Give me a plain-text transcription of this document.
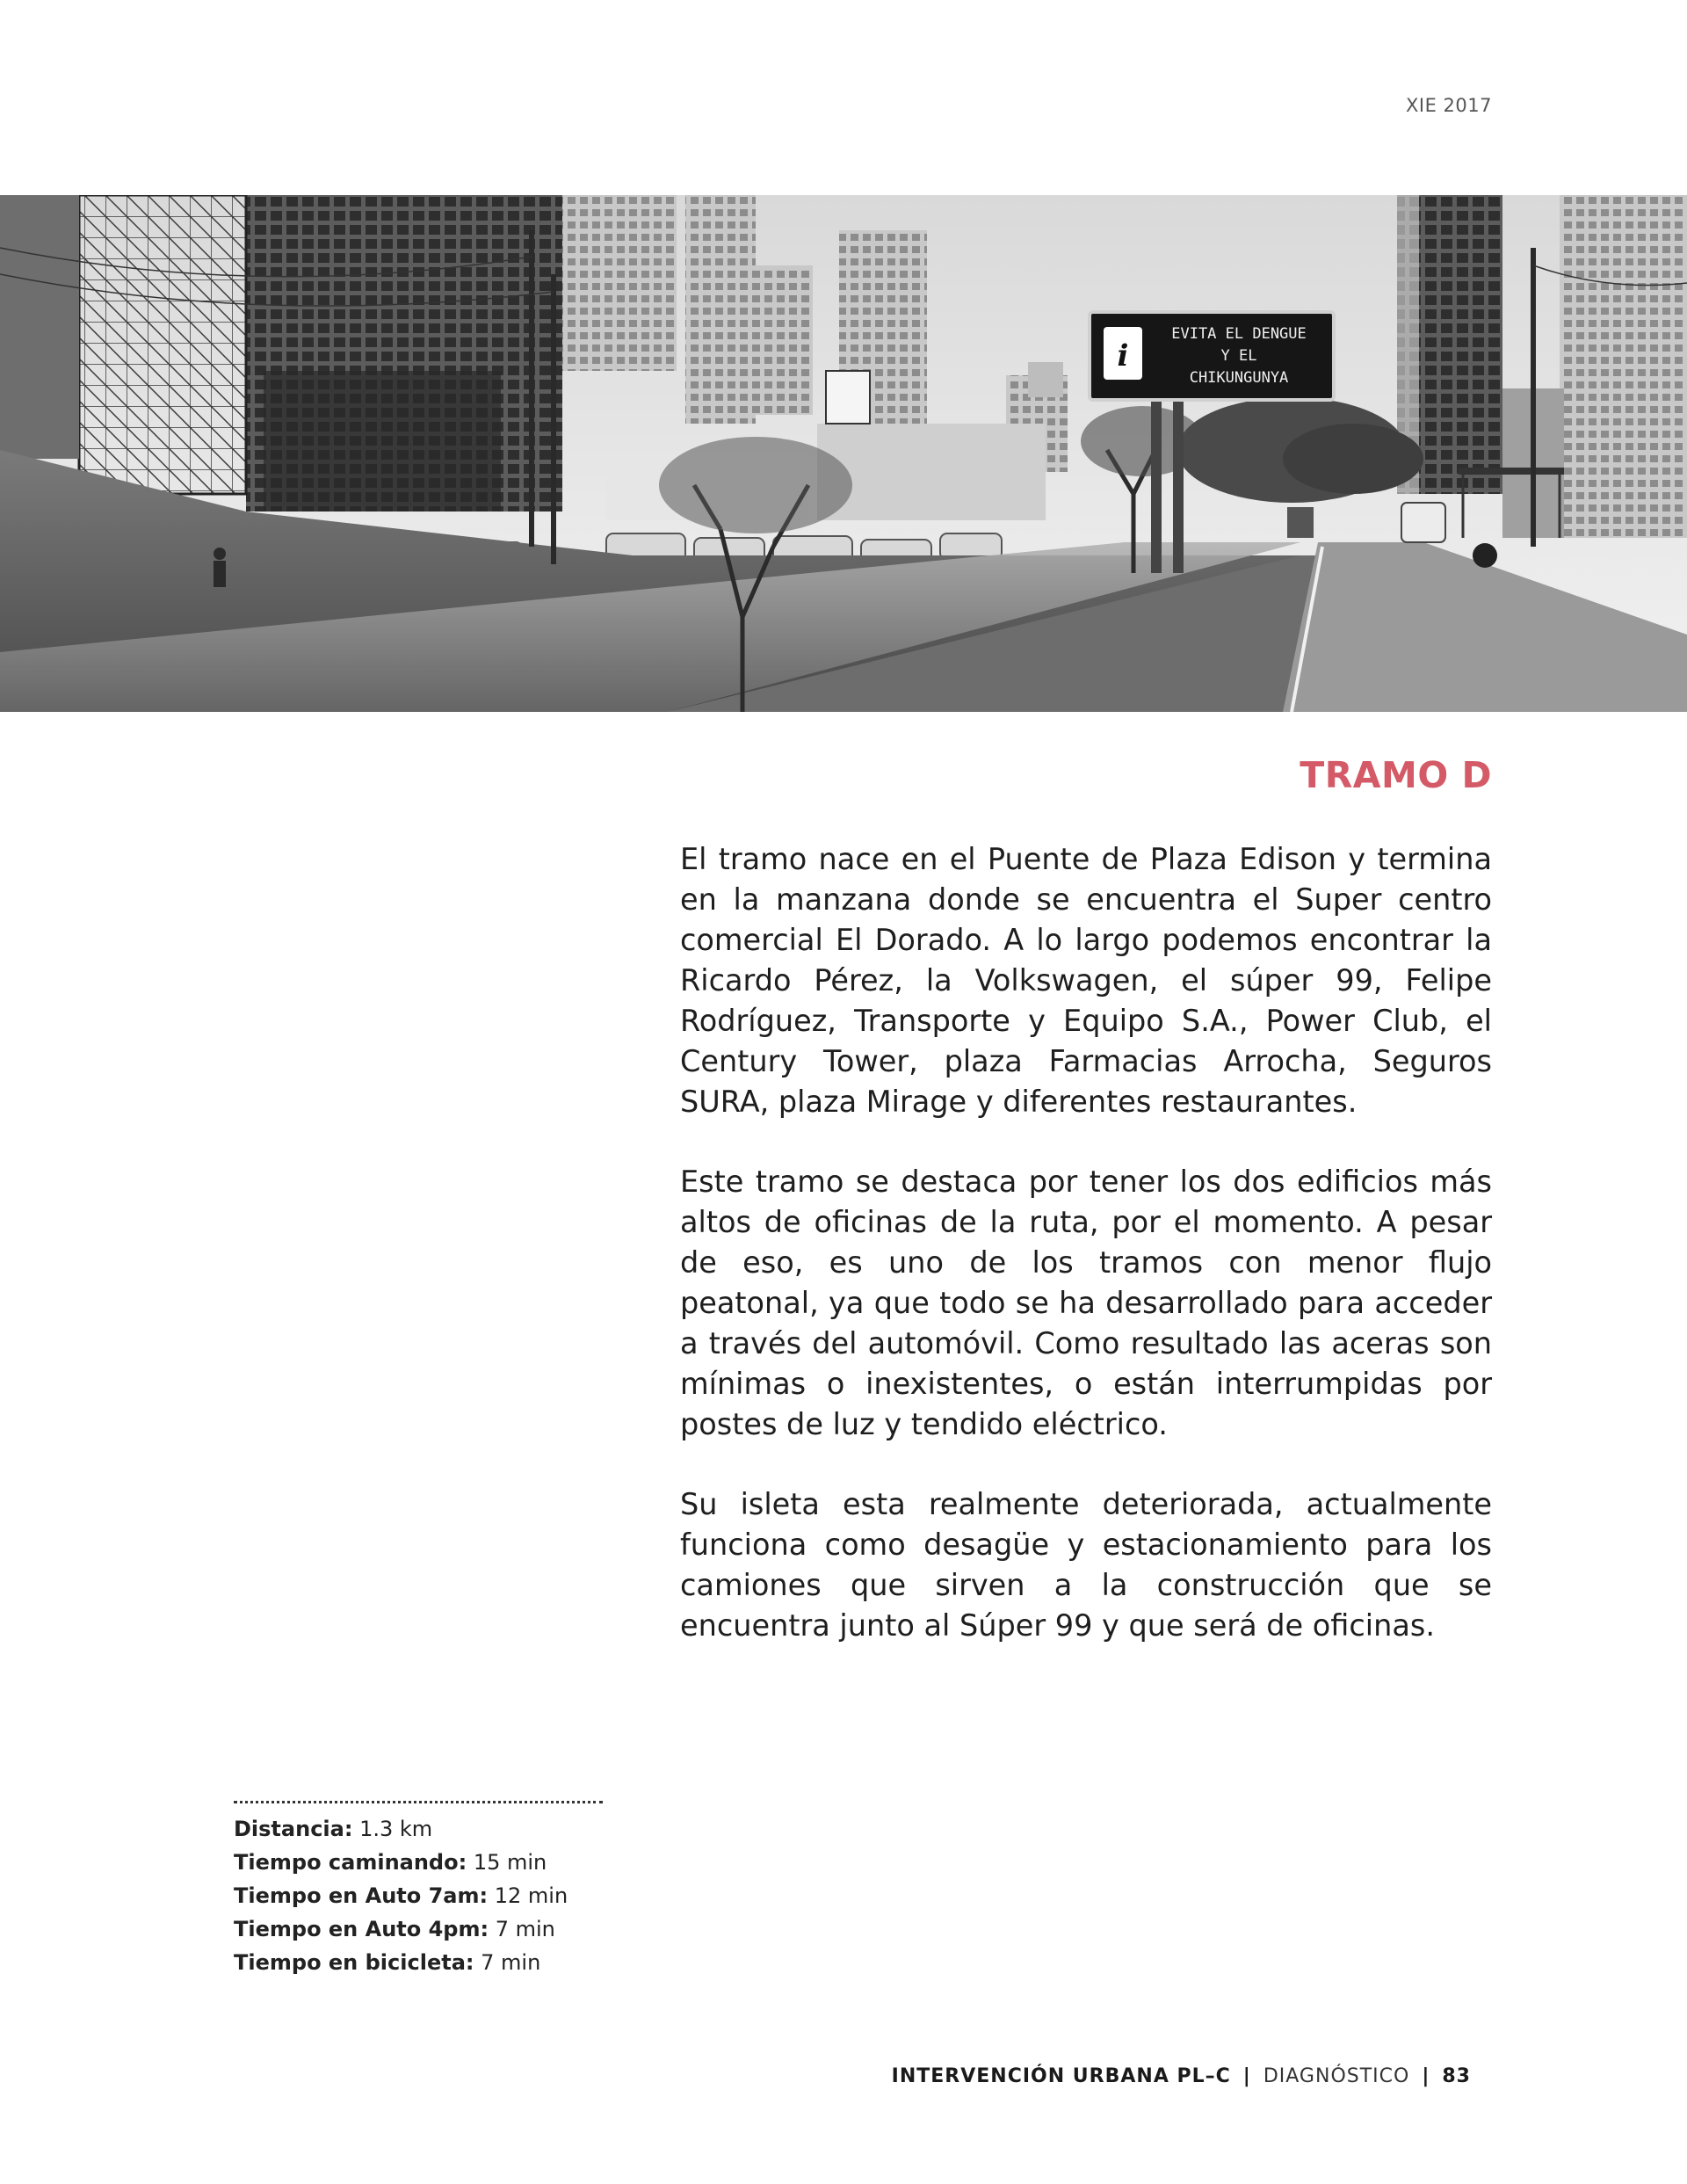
XIE 2017
i
EVITA EL DENGUE
Y EL
CHIKUNGUNYA
TRAMO D

El tramo nace en el Puente de Plaza Edison y termina en la manzana donde se encuentra el Super centro comercial El Dorado. A lo largo podemos encontrar la Ricardo Pérez, la Volkswagen, el súper 99, Felipe Rodríguez, Transporte y Equipo S.A., Power Club, el Century Tower, plaza Farmacias Arrocha, Seguros SURA, plaza Mirage y diferentes restaurantes.

Este tramo se destaca por tener los dos edificios más altos de oficinas de la ruta, por el momento. A pesar de eso, es uno de los tramos con menor flujo peatonal, ya que todo se ha desarrollado para acceder a través del automóvil. Como resultado las aceras son mínimas o inexistentes, o están interrumpidas por postes de luz y tendido eléctrico.

Su isleta esta realmente deteriorada, actualmente funciona como desagüe y estacionamiento para los camiones que sirven a la construcción que se encuentra junto al Súper 99 y que será de oficinas.

Distancia: 1.3 km
Tiempo caminando: 15 min
Tiempo en Auto 7am: 12 min
Tiempo en Auto 4pm: 7 min
Tiempo en bicicleta: 7 min
INTERVENCIÓN URBANA PL–C | DIAGNÓSTICO | 83
